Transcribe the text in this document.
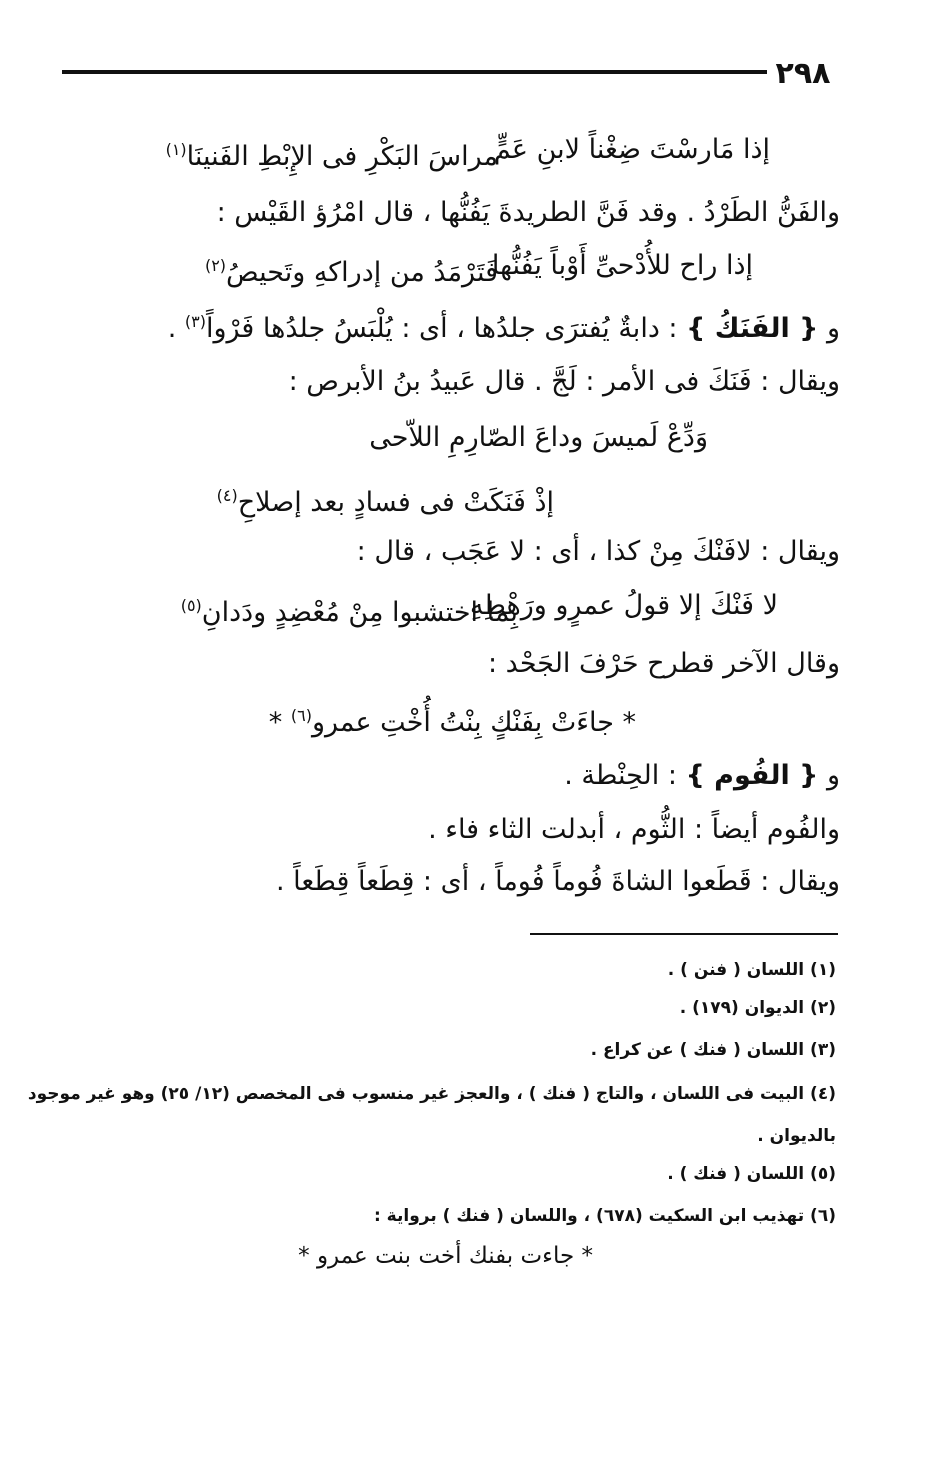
٢٩٨
إذا مَارسْتَ ضِغْناً لابنِ عَمٍّ
مراسَ البَكْرِ فى الإِبْطِ الفَنينَا$^{(١)}$
والفَنُّ الطَرْدُ . وقد فَنَّ الطريدةَ يَفُنُّها ، قال امْرُؤ القَيْس :
إذا راح للأُدْحىِّ أَوْباً يَفُنُّها
فَتَرْمَدُ من إدراكهِ وتَحيصُ$^{(٢)}$
و { الفَنَكُ } : دابةٌ يُفترَى جلدُها ، أى : يُلْبَسُ جلدُها فَرْواً$^{(٣)}$ .
ويقال : فَنَكَ فى الأمر : لَجَّ . قال عَبيدُ بنُ الأبرص :
وَدِّعْ لَميسَ وداعَ الصّارِمِ اللاّحى
إذْ فَنَكَتْ فى فسادٍ بعد إصلاحِ$^{(٤)}$
ويقال : لافَنْكَ مِنْ كذا ، أى : لا عَجَب ، قال :
لا فَنْكَ إلا قولُ عمرٍو ورَهْطِهِ
بِما اختشبوا مِنْ مُعْضِدٍ ودَدانِ$^{(٥)}$
وقال الآخر قطرح حَرْفَ الجَحْد :
* جاءَتْ بِفَنْكٍ بِنْتُ أُخْتِ عمرو$^{(٦)}$ *
و { الفُوم } : الحِنْطة .
والفُوم أيضاً : الثُّوم ، أبدلت الثاء فاء .
ويقال : قَطَعوا الشاةَ فُوماً فُوماً ، أى : قِطَعاً قِطَعاً .
(١) اللسان ( فنن ) .
(٢) الديوان (١٧٩) .
(٣) اللسان ( فنك ) عن كراع .
(٤) البيت فى اللسان ، والتاج ( فنك ) ، والعجز غير منسوب فى المخصص (١٢/ ٢٥) وهو غير موجود
بالديوان .
(٥) اللسان ( فنك ) .
(٦) تهذيب ابن السكيت (٦٧٨) ، واللسان ( فنك ) برواية :
* جاءت بفنك أخت بنت عمرو *
